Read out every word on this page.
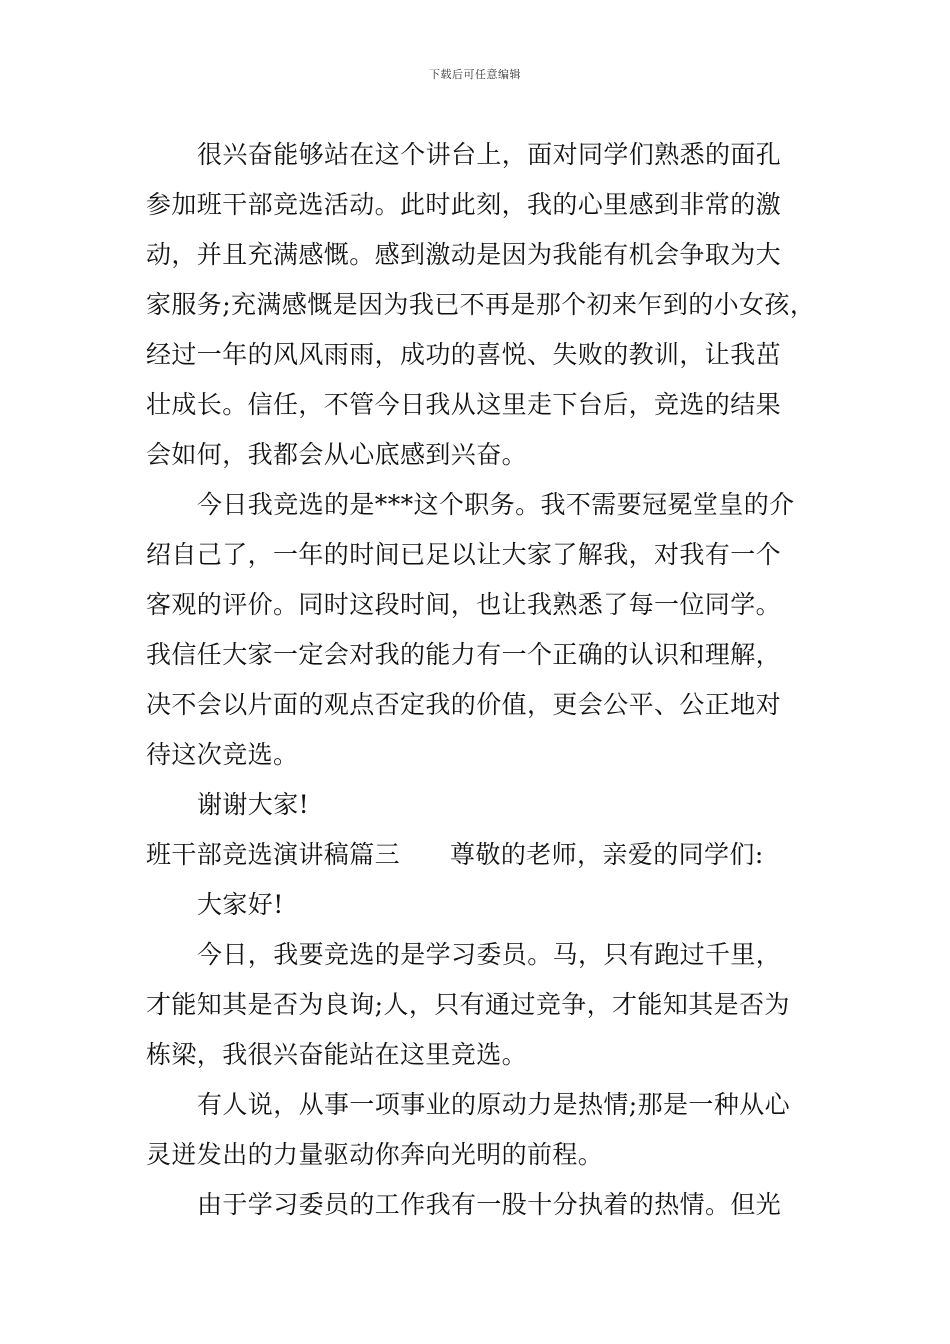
下载后可任意编辑
很兴奋能够站在这个讲台上，面对同学们熟悉的面孔
参加班干部竞选活动。此时此刻，我的心里感到非常的激
动，并且充满感慨。感到激动是因为我能有机会争取为大
家服务;充满感慨是因为我已不再是那个初来乍到的小女孩，
经过一年的风风雨雨，成功的喜悦、失败的教训，让我茁
壮成长。信任，不管今日我从这里走下台后，竞选的结果
会如何，我都会从心底感到兴奋。
今日我竞选的是***这个职务。我不需要冠冕堂皇的介
绍自己了，一年的时间已足以让大家了解我，对我有一个
客观的评价。同时这段时间，也让我熟悉了每一位同学。
我信任大家一定会对我的能力有一个正确的认识和理解，
决不会以片面的观点否定我的价值，更会公平、公正地对
待这次竞选。
谢谢大家!
班干部竞选演讲稿篇三 尊敬的老师，亲爱的同学们:
大家好!
今日，我要竞选的是学习委员。马，只有跑过千里，
才能知其是否为良询;人，只有通过竞争，才能知其是否为
栋梁，我很兴奋能站在这里竞选。
有人说，从事一项事业的原动力是热情;那是一种从心
灵迸发出的力量驱动你奔向光明的前程。
由于学习委员的工作我有一股十分执着的热情。但光
